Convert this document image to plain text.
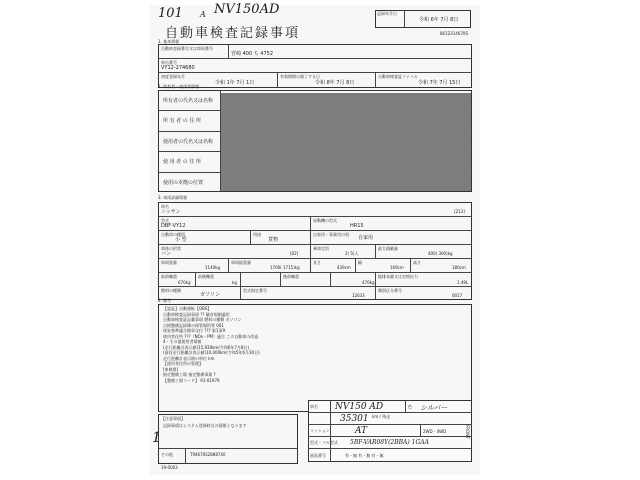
101 A NV150AD
1
自動車検査記録事項
記録年月日
令和 6年 7月 8日
8612314670S
1. 基本情報
自動車登録番号又は車両番号
宮崎 400 ち 4752
車台番号
VY12-274680
初度登録年月
令和 1年 7月 1日
有効期間の満了する日
令和 8年 7月 8日
自動車検査証ファイル
令和 7年 7月 15日
2. 所有者・使用者情報
所有者の氏名又は名称
所 有 者 の 住 所
使用者の氏名又は名称
使 用 者 の 住 所
使用の本拠の位置
3. 車両詳細情報
車名
ニッサン	[213]
型式
DBF-VY12
原動機の型式
HR15
自動車の種別
小 型
用途
貨物
自家用・事業用の別
自家用
車体の形状
バン	[02]
乗車定員
2( 5)人
最大積載量
400( 300)kg
車両重量
1140kg
車両総重量
1700( 1715)kg
長さ
439cm
幅
169cm
高さ
180cm
前前軸重
670kg
前後軸重
kg
後前軸重
470kg
総排気量又は定格出力
1.49L
燃料の種類
ガソリン
型式指定番号
12633
類別区分番号
0017
4. 備考
【認証】自動運転【OBS】
自動車検査記録事項 ?? 騒音規制適用
自動車検査証記載事項 燃料の種類 ガソリン
点検整備記録簿の保管場所等 001
保安基準適合標章交付 ??? 第1条9
使用者住所 ???（NOx・PM）適合 この自動車の改造
4・その他使用者情報
(走行距離計表示値)15,930km(令和6年7月8日)
(前回走行距離計表示値)10,000km(令和5年6月30日)
走行距離計表示値の単位 km
【使用者住所の管理】
[車検場]
指定整備工場 指定整備事業 ?
【整備工場コード】 91-01979
【注意事項】
記録事項はシステム登録時点の情報となります
その他	T94670S2888740
19-0003
車名 NV150 AD	色 シルバー
km / 残走
35301
ミッション	AT	2WD・4WD
型式・フル型式 5BF-VAR08Y(2BBA) 1GAA
部品番号	有・無 有・無 有・無
FRONT
